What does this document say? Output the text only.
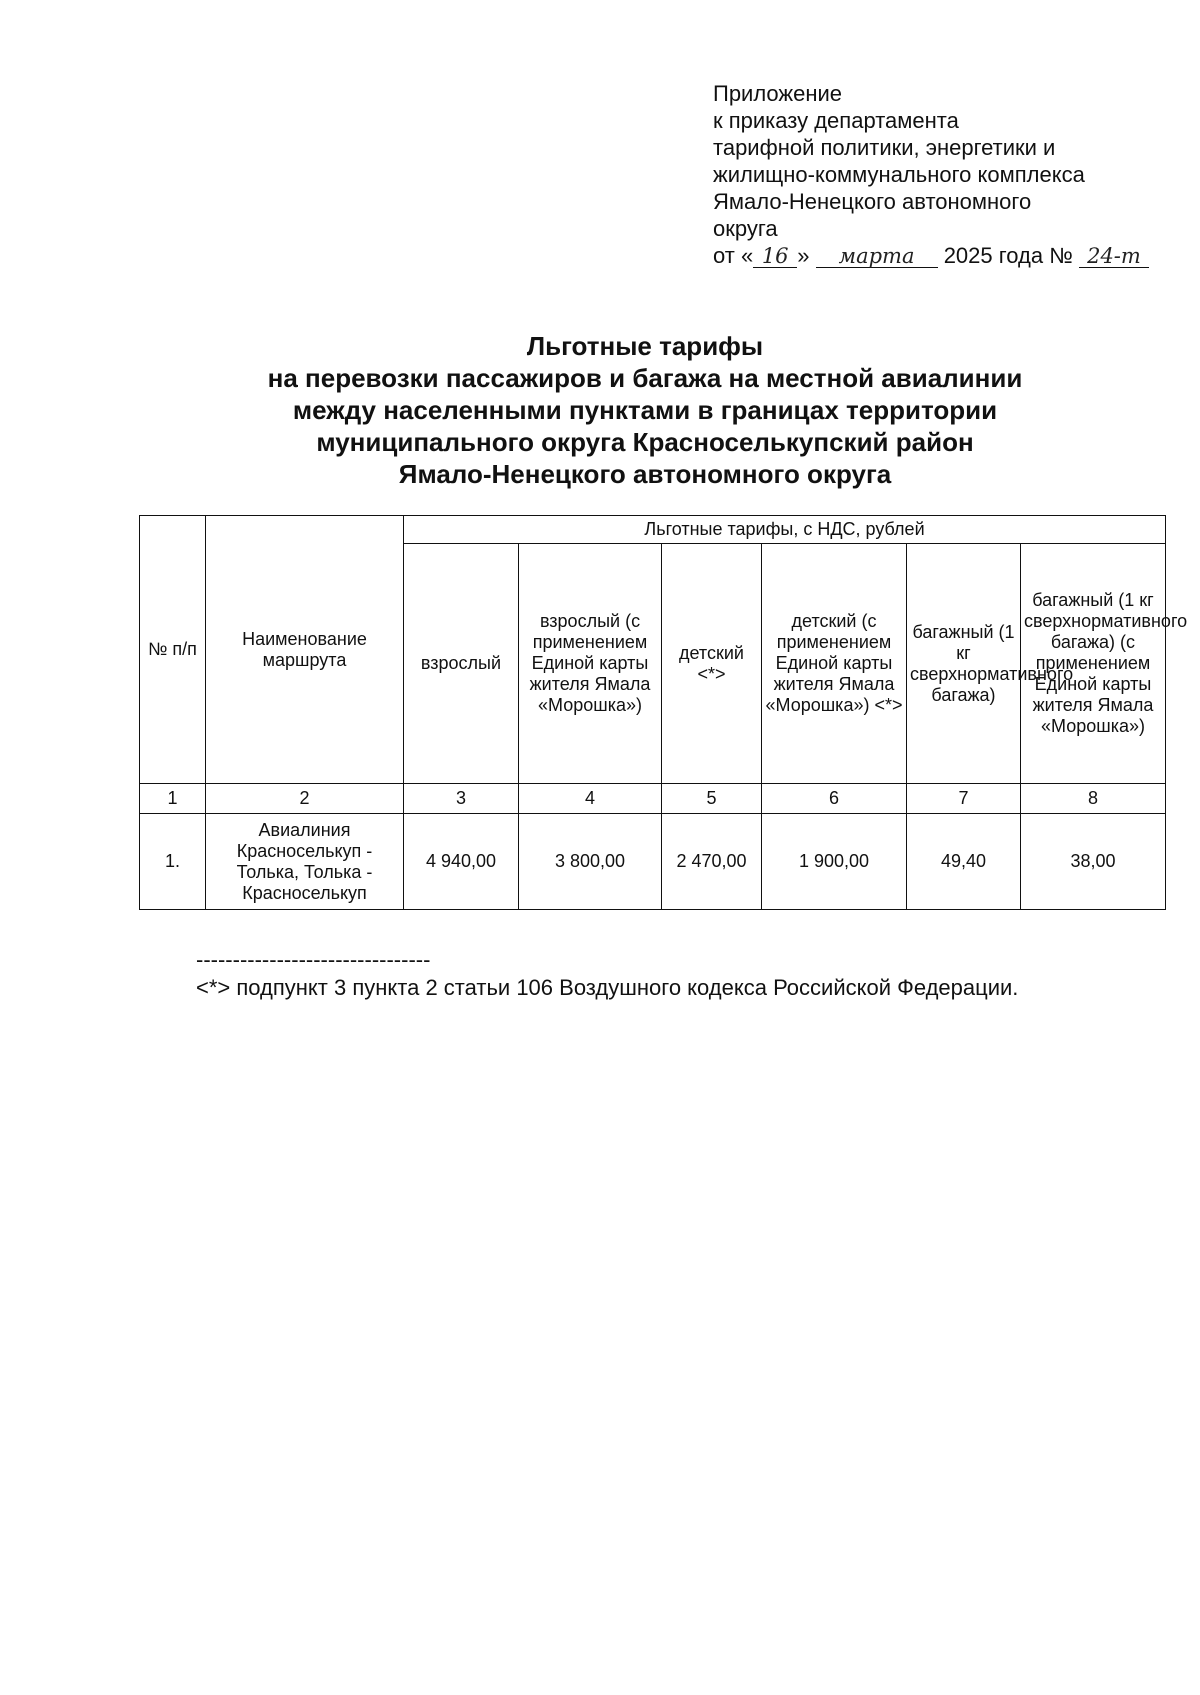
Приложение
к приказу департамента
тарифной политики, энергетики и
жилищно-коммунального комплекса
Ямало-Ненецкого автономного
округа
от « 16 » марта 2025 года № 24-т
Льготные тарифы
на перевозки пассажиров и багажа на местной авиалинии
между населенными пунктами в границах территории
муниципального округа Красноселькупский район
Ямало-Ненецкого автономного округа
№ п/п	Наименование маршрута	Льготные тарифы, с НДС, рублей					
		взрослый	взрослый (с применением Единой карты жителя Ямала «Морошка»)	детский <*>	детский (с применением Единой карты жителя Ямала «Морошка») <*>	багажный (1 кг сверхнормативного багажа)	багажный (1 кг сверхнормативного багажа) (с применением Единой карты жителя Ямала «Морошка»)
1	2	3	4	5	6	7	8
1.	Авиалиния Красноселькуп - Толька, Толька - Красноселькуп	4 940,00	3 800,00	2 470,00	1 900,00	49,40	38,00
--------------------------------
<*> подпункт 3 пункта 2 статьи 106 Воздушного кодекса Российской Федерации.
